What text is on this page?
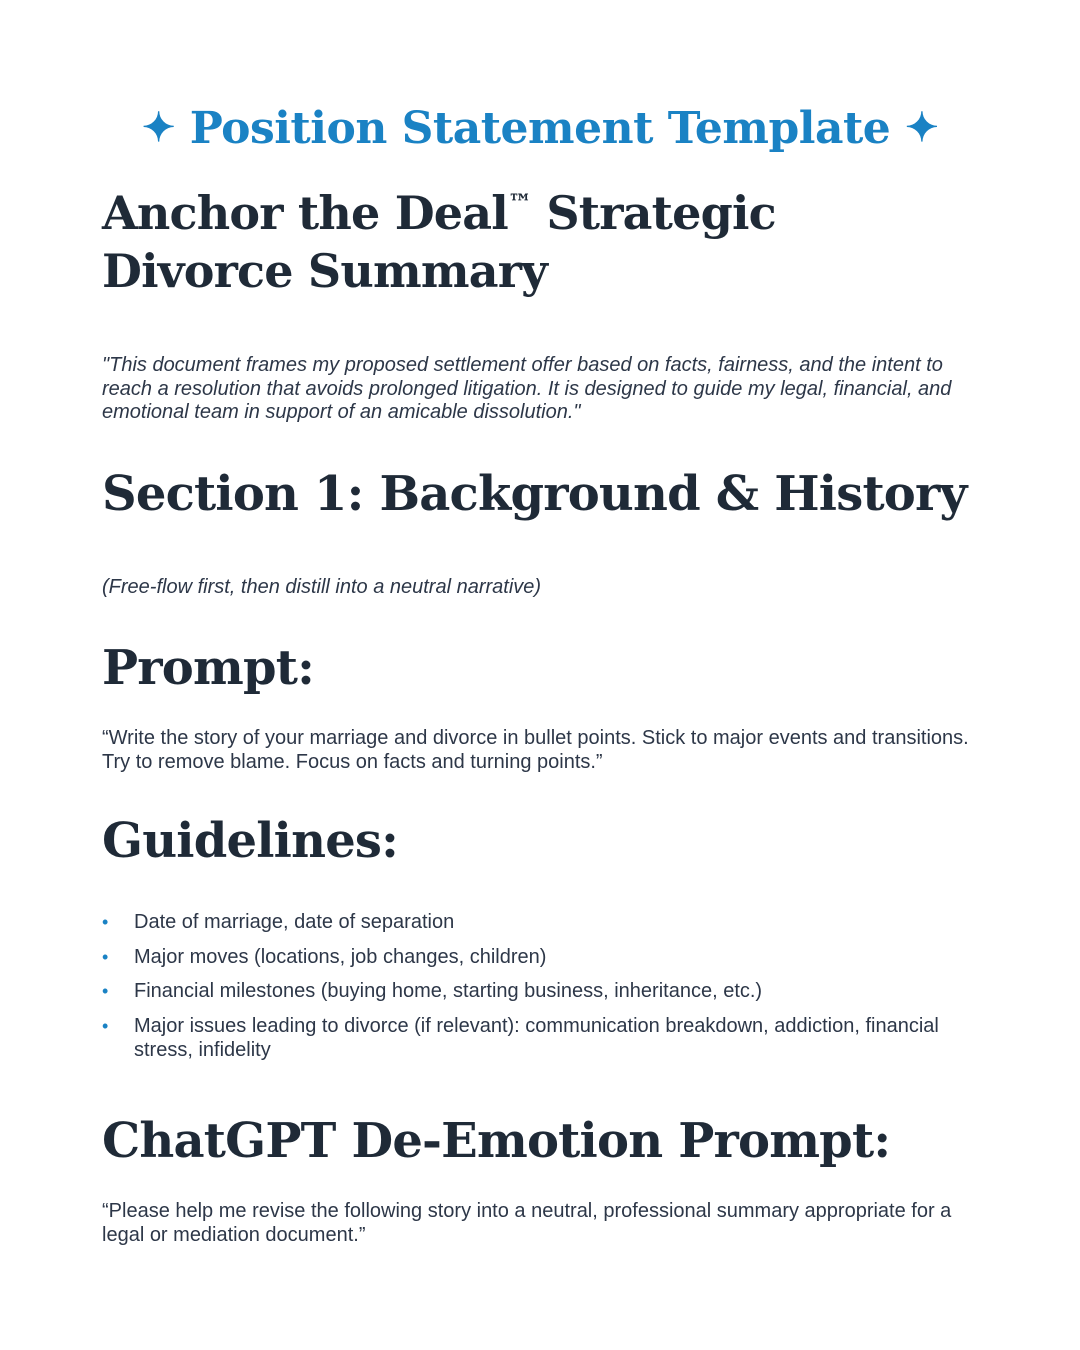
✦ Position Statement Template ✦
Anchor the Deal™ Strategic Divorce Summary
"This document frames my proposed settlement offer based on facts, fairness, and the intent to reach a resolution that avoids prolonged litigation. It is designed to guide my legal, financial, and emotional team in support of an amicable dissolution."
Section 1: Background & History
(Free-flow first, then distill into a neutral narrative)
Prompt:
“Write the story of your marriage and divorce in bullet points. Stick to major events and transitions. Try to remove blame. Focus on facts and turning points.”
Guidelines:
• Date of marriage, date of separation
• Major moves (locations, job changes, children)
• Financial milestones (buying home, starting business, inheritance, etc.)
• Major issues leading to divorce (if relevant): communication breakdown, addiction, financial stress, infidelity
ChatGPT De-Emotion Prompt:
“Please help me revise the following story into a neutral, professional summary appropriate for a legal or mediation document.”
